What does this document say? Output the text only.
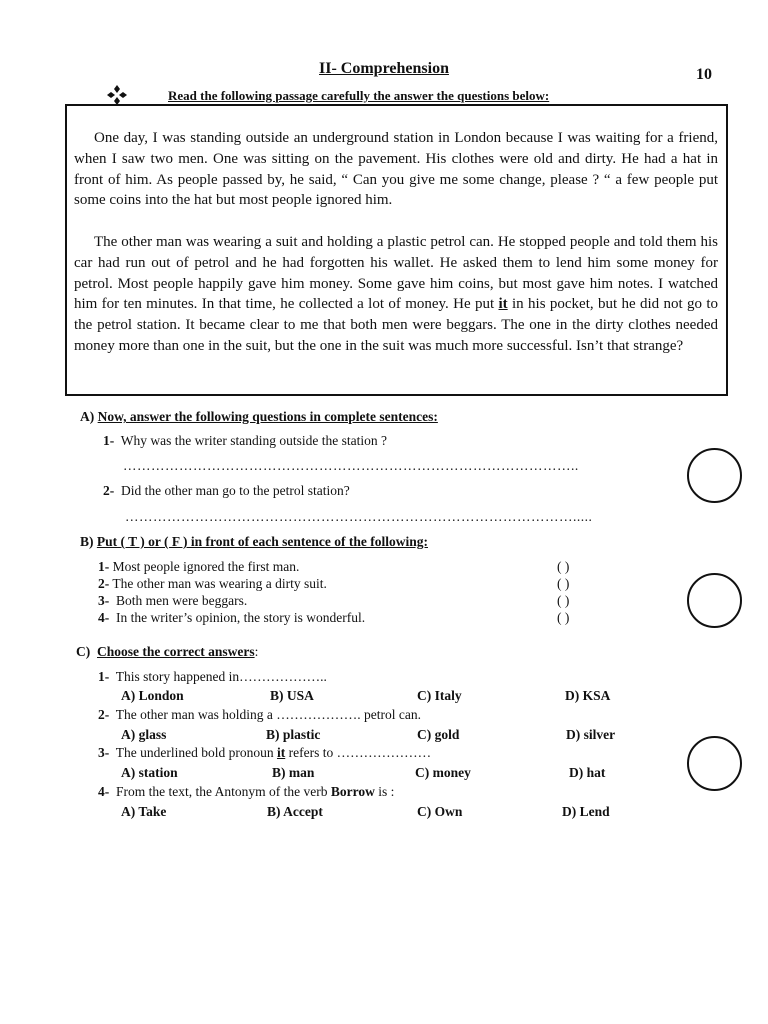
II- Comprehension	10
Read the following passage carefully the answer the questions below:

One day, I was standing outside an underground station in London because I was waiting for a friend, when I saw two men. One was sitting on the pavement. His clothes were old and dirty. He had a hat in front of him. As people passed by, he said, “ Can you give me some change, please ? “ a few people put some coins into the hat but most people ignored him.

The other man was wearing a suit and holding a plastic petrol can. He stopped people and told them his car had run out of petrol and he had forgotten his wallet. He asked them to lend him some money for petrol. Most people happily gave him money. Some gave him coins, but most gave him notes. I watched him for ten minutes. In that time, he collected a lot of money. He put it in his pocket, but he did not go to the petrol station. It became clear to me that both men were beggars. The one in the dirty clothes needed money more than one in the suit, but the one in the suit was much more successful. Isn’t that strange?

A) Now, answer the following questions in complete sentences:
1- Why was the writer standing outside the station ?
……………………………………………………………………………………..
2- Did the other man go to the petrol station?
…………………………………………………………………………………….....
B) Put ( T ) or ( F ) in front of each sentence of the following:
1- Most people ignored the first man.	( )
2- The other man was wearing a dirty suit.	( )
3- Both men were beggars.	( )
4- In the writer’s opinion, the story is wonderful.	( )
C) Choose the correct answers:
1- This story happened in………………..
A) London	B) USA	C) Italy	D) KSA
2- The other man was holding a ………………. petrol can.
A) glass	B) plastic	C) gold	D) silver
3- The underlined bold pronoun it refers to …………………
A) station	B) man	C) money	D) hat
4- From the text, the Antonym of the verb Borrow is :
A) Take	B) Accept	C) Own	D) Lend
